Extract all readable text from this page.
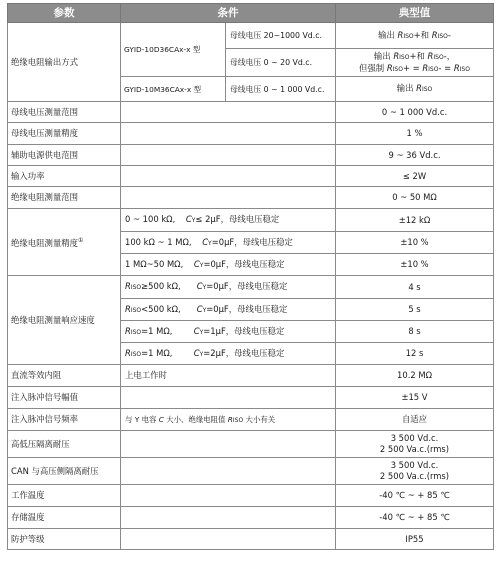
参数	条件		典型值
绝缘电阻输出方式	GYID-10D36CAx-x 型	母线电压 20~1000 Vd.c.	输出 RISO+和 RISO-
		母线电压 0 ~ 20 Vd.c.	输出 RISO+和 RISO-，
但强制 RISO+ = RISO- = RISO

	GYID-10M36CAx-x 型	母线电压 0 ~ 1 000 Vd.c.	输出 RISO
母线电压测量范围			0 ~ 1 000 Vd.c.
母线电压测量精度			1 %
辅助电源供电范围			9 ~ 36 Vd.c.
输入功率			≤ 2W
绝缘电阻测量范围			0 ~ 50 MΩ
绝缘电阻测量精度①	0 ~ 100 kΩ, CY≤ 2μF，母线电压稳定		±12 kΩ
	100 kΩ ~ 1 MΩ, CY=0μF，母线电压稳定		±10 %
	1 MΩ~50 MΩ, CY=0μF，母线电压稳定		±10 %
绝缘电阻测量响应速度	RISO≥500 kΩ, CY=0μF，母线电压稳定		4 s
	RISO<500 kΩ, CY=0μF，母线电压稳定		5 s
	RISO=1 MΩ, CY=1μF，母线电压稳定		8 s
	RISO=1 MΩ, CY=2μF，母线电压稳定		12 s
直流等效内阻	上电工作时		10.2 MΩ
注入脉冲信号幅值			±15 V
注入脉冲信号频率	与 Y 电容 C 大小、绝缘电阻值 RISO 大小有关		自适应
高低压隔离耐压			3 500 Vd.c.
2 500 Va.c.(rms)

CAN 与高压侧隔离耐压			3 500 Vd.c.
2 500 Va.c.(rms)

工作温度			-40 ℃ ~ + 85 ℃
存储温度			-40 ℃ ~ + 85 ℃
防护等级			IP55
